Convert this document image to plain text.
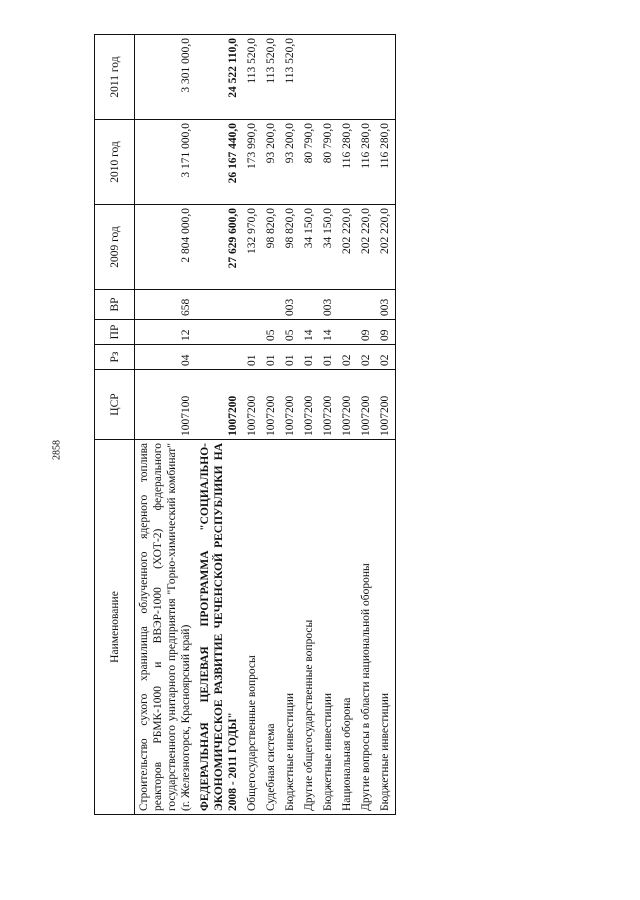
2858
Наименование	ЦСР	Рз	ПР	ВР	2009 год	2010 год	2011 год
Строительство сухого хранилища облученного ядерного топлива реакторов РБМК-1000 и ВВЭР-1000 (ХОТ-2) федерального государственного унитарного предприятия "Горно-химический комбинат" (г. Железногорск, Красноярский край)	1007100	04	12	658	2 804 000,0	3 171 000,0	3 301 000,0
ФЕДЕРАЛЬНАЯ ЦЕЛЕВАЯ ПРОГРАММА "СОЦИАЛЬНО-ЭКОНОМИЧЕСКОЕ РАЗВИТИЕ ЧЕЧЕНСКОЙ РЕСПУБЛИКИ НА 2008 - 2011 ГОДЫ"	1007200				27 629 600,0	26 167 440,0	24 522 110,0
Общегосударственные вопросы	1007200	01			132 970,0	173 990,0	113 520,0
Судебная система	1007200	01	05		98 820,0	93 200,0	113 520,0
Бюджетные инвестиции	1007200	01	05	003	98 820,0	93 200,0	113 520,0
Другие общегосударственные вопросы	1007200	01	14		34 150,0	80 790,0	
Бюджетные инвестиции	1007200	01	14	003	34 150,0	80 790,0	
Национальная оборона	1007200	02			202 220,0	116 280,0	
Другие вопросы в области национальной обороны	1007200	02	09		202 220,0	116 280,0	
Бюджетные инвестиции	1007200	02	09	003	202 220,0	116 280,0	
